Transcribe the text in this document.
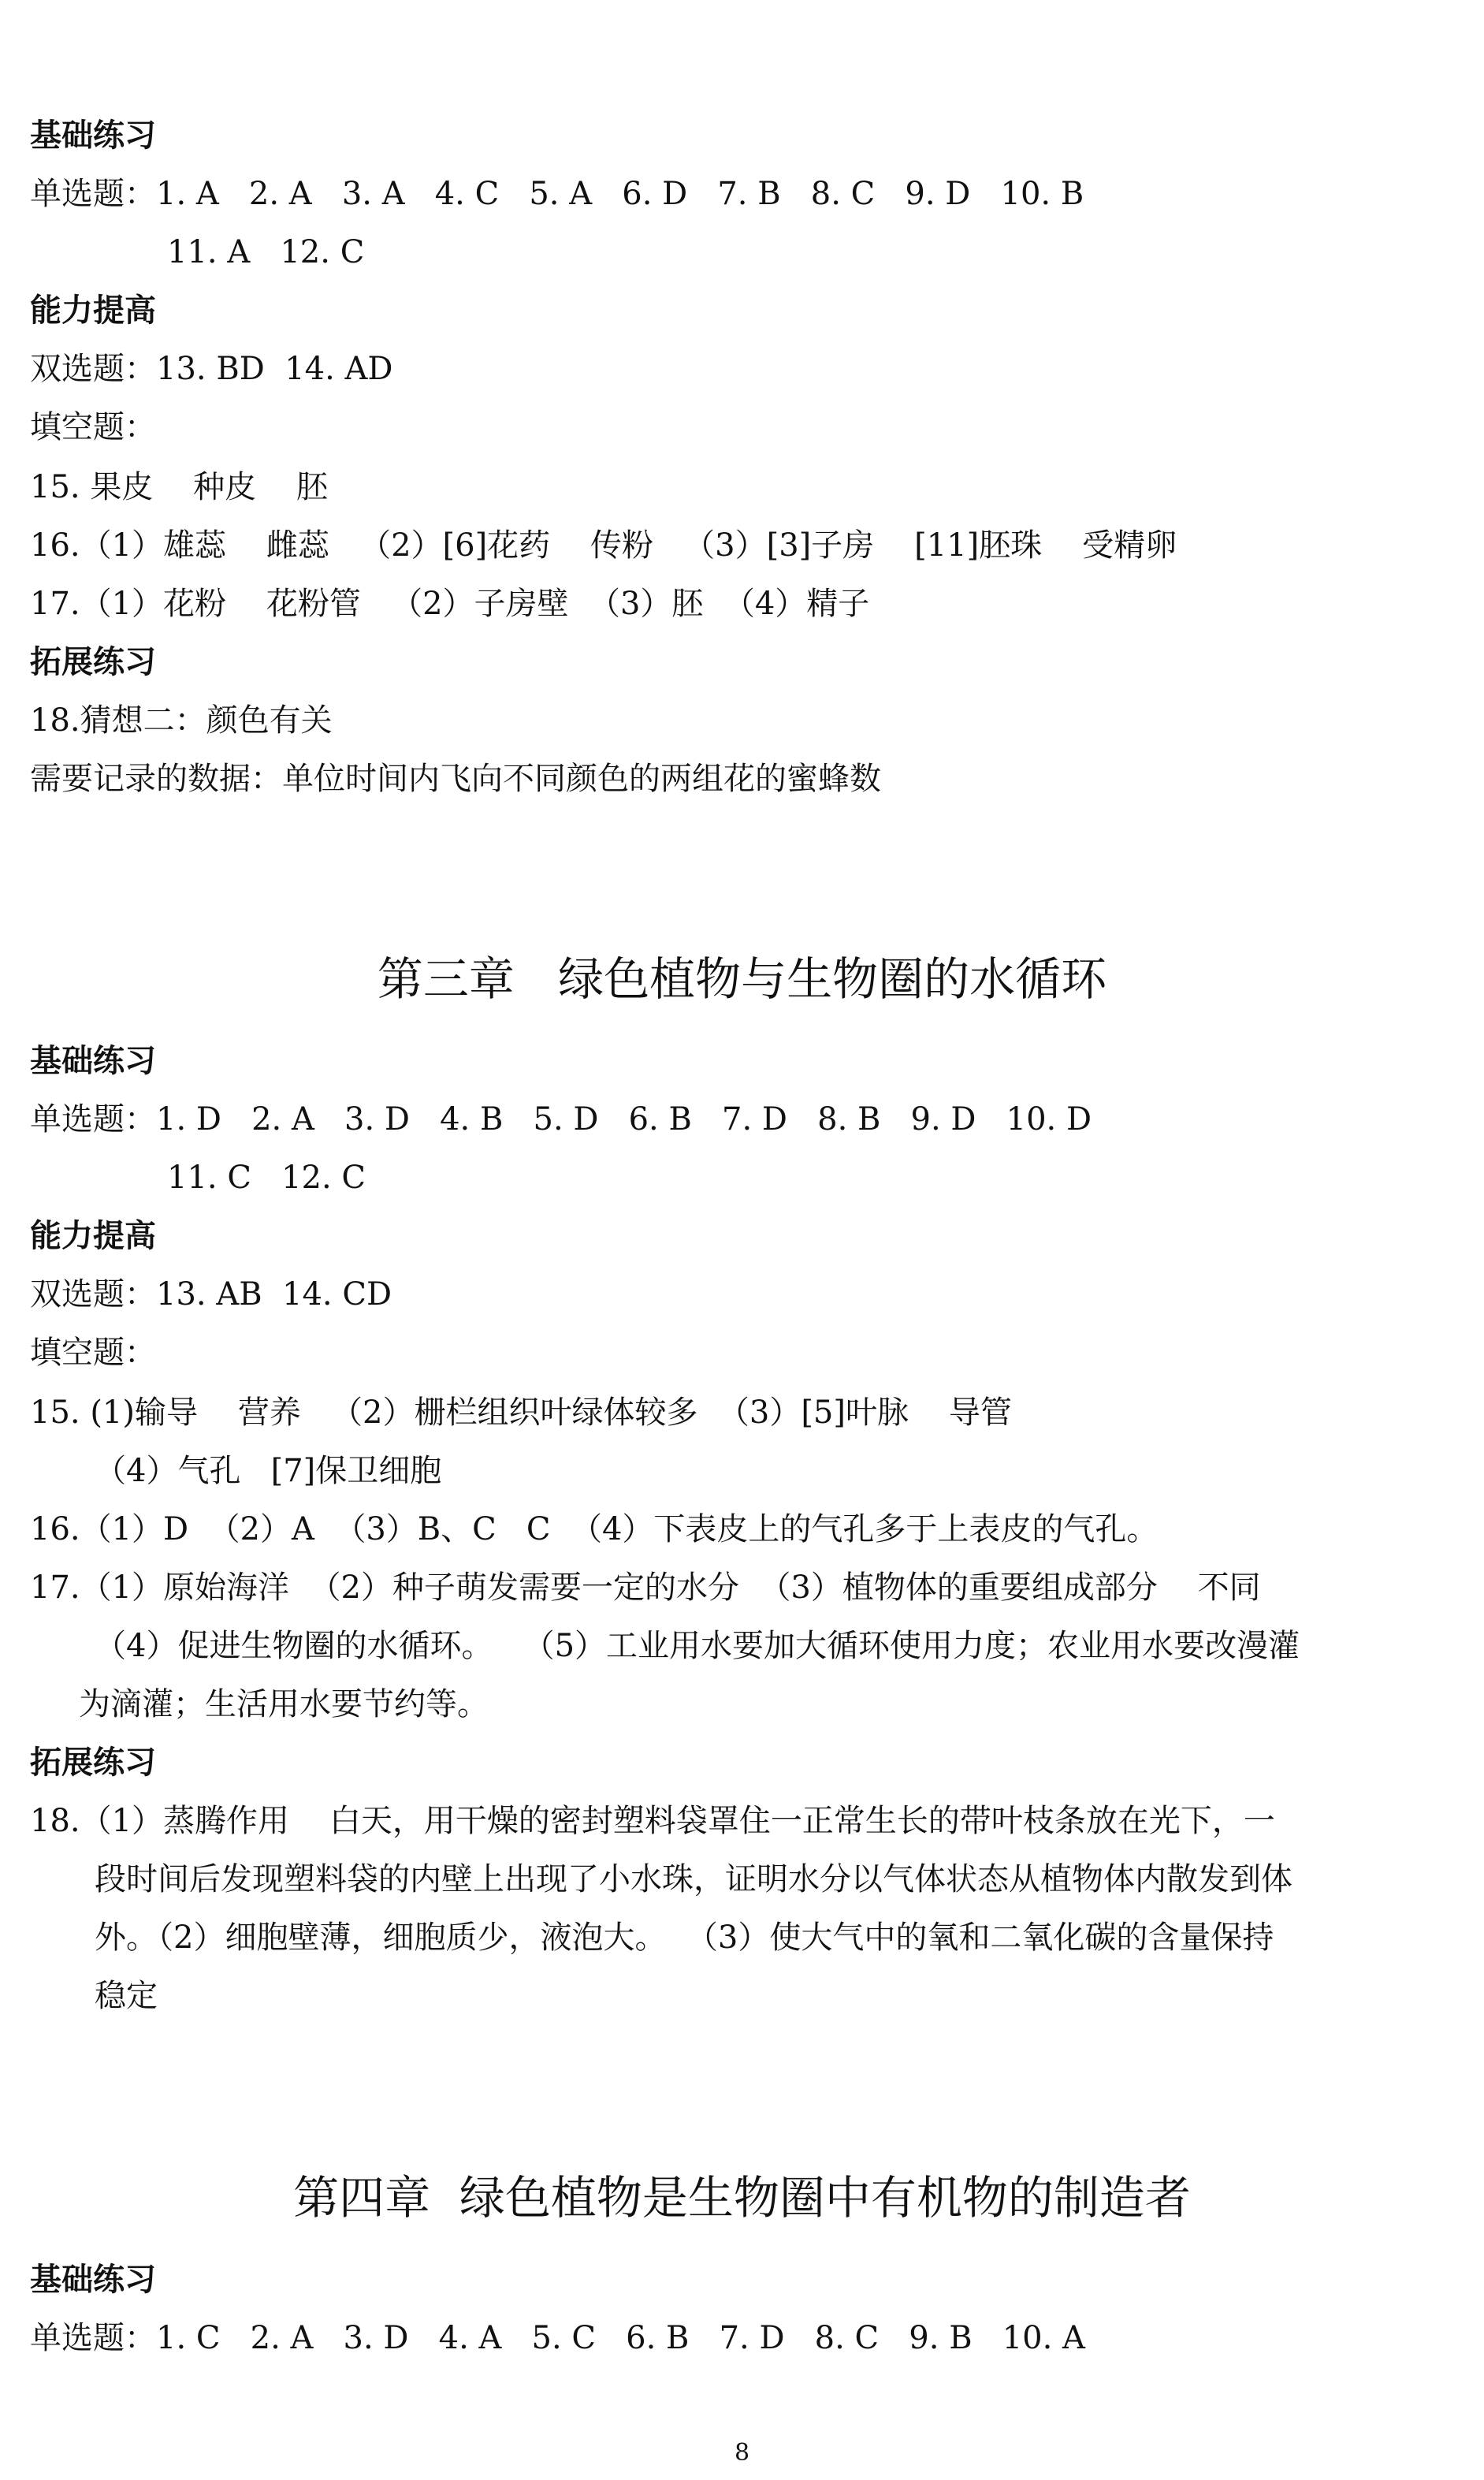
基础练习
单选题：1. A   2. A   3. A   4. C   5. A   6. D   7. B   8. C   9. D   10. B
11. A   12. C
能力提高
双选题：13. BD  14. AD
填空题：
15. 果皮    种皮    胚
16.（1）雄蕊    雌蕊   （2）[6]花药    传粉   （3）[3]子房    [11]胚珠    受精卵
17.（1）花粉    花粉管   （2）子房壁  （3）胚  （4）精子
拓展练习
18.猜想二：颜色有关
需要记录的数据：单位时间内飞向不同颜色的两组花的蜜蜂数
第三章   绿色植物与生物圈的水循环
基础练习
单选题：1. D   2. A   3. D   4. B   5. D   6. B   7. D   8. B   9. D   10. D
11. C   12. C
能力提高
双选题：13. AB  14. CD
填空题：
15. (1)输导    营养   （2）栅栏组织叶绿体较多  （3）[5]叶脉    导管
（4）气孔   [7]保卫细胞
16.（1）D  （2）A  （3）B、C   C  （4）下表皮上的气孔多于上表皮的气孔。
17.（1）原始海洋  （2）种子萌发需要一定的水分  （3）植物体的重要组成部分    不同
（4）促进生物圈的水循环。   （5）工业用水要加大循环使用力度；农业用水要改漫灌
为滴灌；生活用水要节约等。
拓展练习
18.（1）蒸腾作用    白天，用干燥的密封塑料袋罩住一正常生长的带叶枝条放在光下，一
段时间后发现塑料袋的内壁上出现了小水珠，证明水分以气体状态从植物体内散发到体
外。（2）细胞壁薄，细胞质少，液泡大。  （3）使大气中的氧和二氧化碳的含量保持
稳定
第四章  绿色植物是生物圈中有机物的制造者
基础练习
单选题：1. C   2. A   3. D   4. A   5. C   6. B   7. D   8. C   9. B   10. A
8
